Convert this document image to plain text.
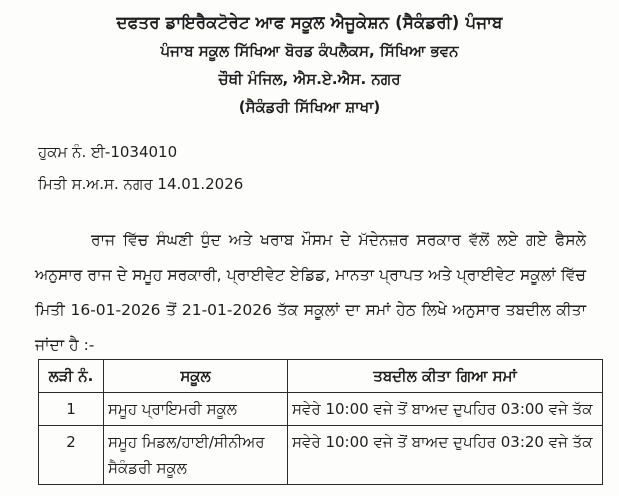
ਦਫਤਰ ਡਾਇਰੈਕਟੋਰੇਟ ਆਫ ਸਕੂਲ ਐਜੂਕੇਸ਼ਨ (ਸੈਕੰਡਰੀ) ਪੰਜਾਬ

ਪੰਜਾਬ ਸਕੂਲ ਸਿੱਖਿਆ ਬੋਰਡ ਕੰਪਲੈਕਸ, ਸਿੱਖਿਆ ਭਵਨ

ਚੌਥੀ ਮੰਜਿਲ, ਐਸ.ਏ.ਐਸ. ਨਗਰ

(ਸੈਕੰਡਰੀ ਸਿੱਖਿਆ ਸ਼ਾਖਾ)

ਹੁਕਮ ਨੰ. ਈ-1034010

ਮਿਤੀ ਸ.ਅ.ਸ. ਨਗਰ 14.01.2026

ਰਾਜ ਵਿੱਚ ਸੰਘਣੀ ਧੁੰਦ ਅਤੇ ਖਰਾਬ ਮੌਸਮ ਦੇ ਮੱਦੇਨਜ਼ਰ ਸਰਕਾਰ ਵੱਲੋਂ ਲਏ ਗਏ ਫੈਸਲੇ ਅਨੁਸਾਰ ਰਾਜ ਦੇ ਸਮੂਹ ਸਰਕਾਰੀ, ਪ੍ਰਾਈਵੇਟ ਏਡਿਡ, ਮਾਨਤਾ ਪ੍ਰਾਪਤ ਅਤੇ ਪ੍ਰਾਈਵੇਟ ਸਕੂਲਾਂ ਵਿੱਚ ਮਿਤੀ 16-01-2026 ਤੋਂ 21-01-2026 ਤੱਕ ਸਕੂਲਾਂ ਦਾ ਸਮਾਂ ਹੇਠ ਲਿਖੇ ਅਨੁਸਾਰ ਤਬਦੀਲ ਕੀਤਾ ਜਾਂਦਾ ਹੈ :-

ਲੜੀ ਨੰ.	ਸਕੂਲ	ਤਬਦੀਲ ਕੀਤਾ ਗਿਆ ਸਮਾਂ
1	ਸਮੂਹ ਪ੍ਰਾਇਮਰੀ ਸਕੂਲ	ਸਵੇਰੇ 10:00 ਵਜੇ ਤੋਂ ਬਾਅਦ ਦੁਪਹਿਰ 03:00 ਵਜੇ ਤੱਕ
2	ਸਮੂਹ ਮਿਡਲ/ਹਾਈ/ਸੀਨੀਅਰ ਸੈਕੰਡਰੀ ਸਕੂਲ	ਸਵੇਰੇ 10:00 ਵਜੇ ਤੋਂ ਬਾਅਦ ਦੁਪਹਿਰ 03:20 ਵਜੇ ਤੱਕ
